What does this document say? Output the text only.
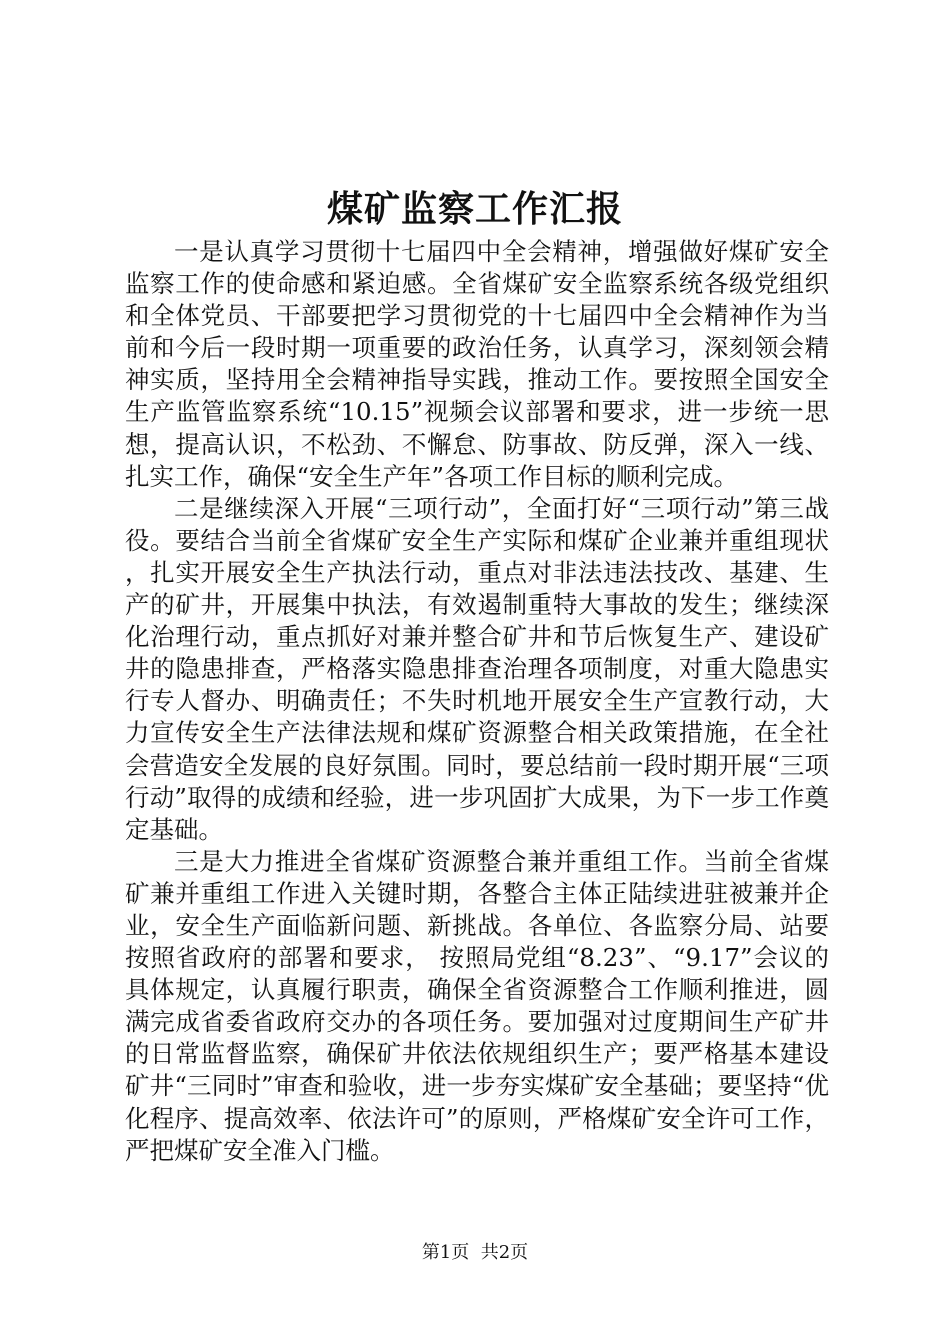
煤矿监察工作汇报

一是认真学习贯彻十七届四中全会精神，增强做好煤矿安全监察工作的使命感和紧迫感。全省煤矿安全监察系统各级党组织和全体党员、干部要把学习贯彻党的十七届四中全会精神作为当前和今后一段时期一项重要的政治任务，认真学习，深刻领会精神实质，坚持用全会精神指导实践，推动工作。要按照全国安全生产监管监察系统“10.15”视频会议部署和要求，进一步统一思想，提高认识，不松劲、不懈怠、防事故、防反弹，深入一线、扎实工作，确保“安全生产年”各项工作目标的顺利完成。

二是继续深入开展“三项行动”，全面打好“三项行动”第三战役。要结合当前全省煤矿安全生产实际和煤矿企业兼并重组现状，扎实开展安全生产执法行动，重点对非法违法技改、基建、生产的矿井，开展集中执法，有效遏制重特大事故的发生；继续深化治理行动，重点抓好对兼并整合矿井和节后恢复生产、建设矿井的隐患排查，严格落实隐患排查治理各项制度，对重大隐患实行专人督办、明确责任；不失时机地开展安全生产宣教行动，大力宣传安全生产法律法规和煤矿资源整合相关政策措施，在全社会营造安全发展的良好氛围。同时，要总结前一段时期开展“三项行动”取得的成绩和经验，进一步巩固扩大成果，为下一步工作奠定基础。

三是大力推进全省煤矿资源整合兼并重组工作。当前全省煤矿兼并重组工作进入关键时期，各整合主体正陆续进驻被兼并企业，安全生产面临新问题、新挑战。各单位、各监察分局、站要按照省政府的部署和要求， 按照局党组“8.23”、“9.17”会议的具体规定，认真履行职责，确保全省资源整合工作顺利推进，圆满完成省委省政府交办的各项任务。要加强对过度期间生产矿井的日常监督监察，确保矿井依法依规组织生产；要严格基本建设矿井“三同时”审查和验收，进一步夯实煤矿安全基础；要坚持“优化程序、提高效率、依法许可”的原则，严格煤矿安全许可工作，严把煤矿安全准入门槛。

第1页  共2页
